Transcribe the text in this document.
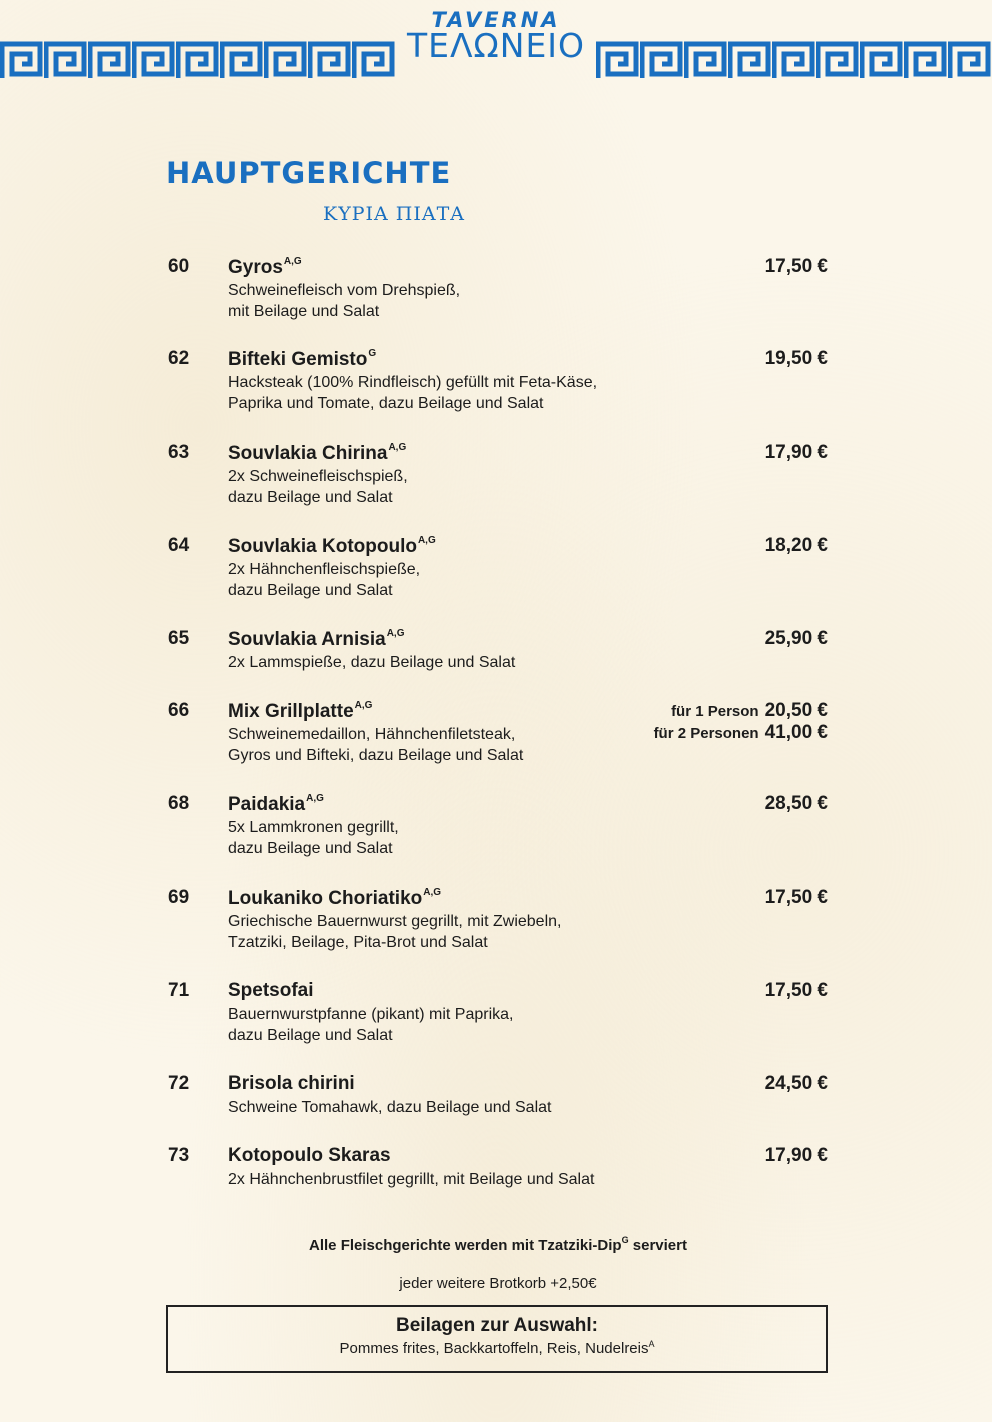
TAVERNA
ΤΕΛΩΝΕΙΟ
HAUPTGERICHTE
ΚΥΡΙΑ ΠΙΑΤΑ
60 Gyros$^{A,G}$
Schweinefleisch vom Drehspieß,
mit Beilage und Salat
17,50 €
62 Bifteki Gemisto$^G$
Hacksteak (100% Rindfleisch) gefüllt mit Feta-Käse,
Paprika und Tomate, dazu Beilage und Salat
19,50 €
63 Souvlakia Chirina$^{A,G}$
2x Schweinefleischspieß,
dazu Beilage und Salat
17,90 €
64 Souvlakia Kotopoulo$^{A,G}$
2x Hähnchenfleischspieße,
dazu Beilage und Salat
18,20 €
65 Souvlakia Arnisia$^{A,G}$
2x Lammspieße, dazu Beilage und Salat
25,90 €
66 Mix Grillplatte$^{A,G}$
Schweinemedaillon, Hähnchenfiletsteak,
Gyros und Bifteki, dazu Beilage und Salat
für 1 Person 20,50 €
für 2 Personen 41,00 €
68 Paidakia$^{A,G}$
5x Lammkronen gegrillt,
dazu Beilage und Salat
28,50 €
69 Loukaniko Choriatiko$^{A,G}$
Griechische Bauernwurst gegrillt, mit Zwiebeln,
Tzatziki, Beilage, Pita-Brot und Salat
17,50 €
71 Spetsofai
Bauernwurstpfanne (pikant) mit Paprika,
dazu Beilage und Salat
17,50 €
72 Brisola chirini
Schweine Tomahawk, dazu Beilage und Salat
24,50 €
73 Kotopoulo Skaras
2x Hähnchenbrustfilet gegrillt, mit Beilage und Salat
17,90 €
Alle Fleischgerichte werden mit Tzatziki-Dip$^G$ serviert
jeder weitere Brotkorb +2,50€
Beilagen zur Auswahl:
Pommes frites, Backkartoffeln, Reis, Nudelreis$^A$
